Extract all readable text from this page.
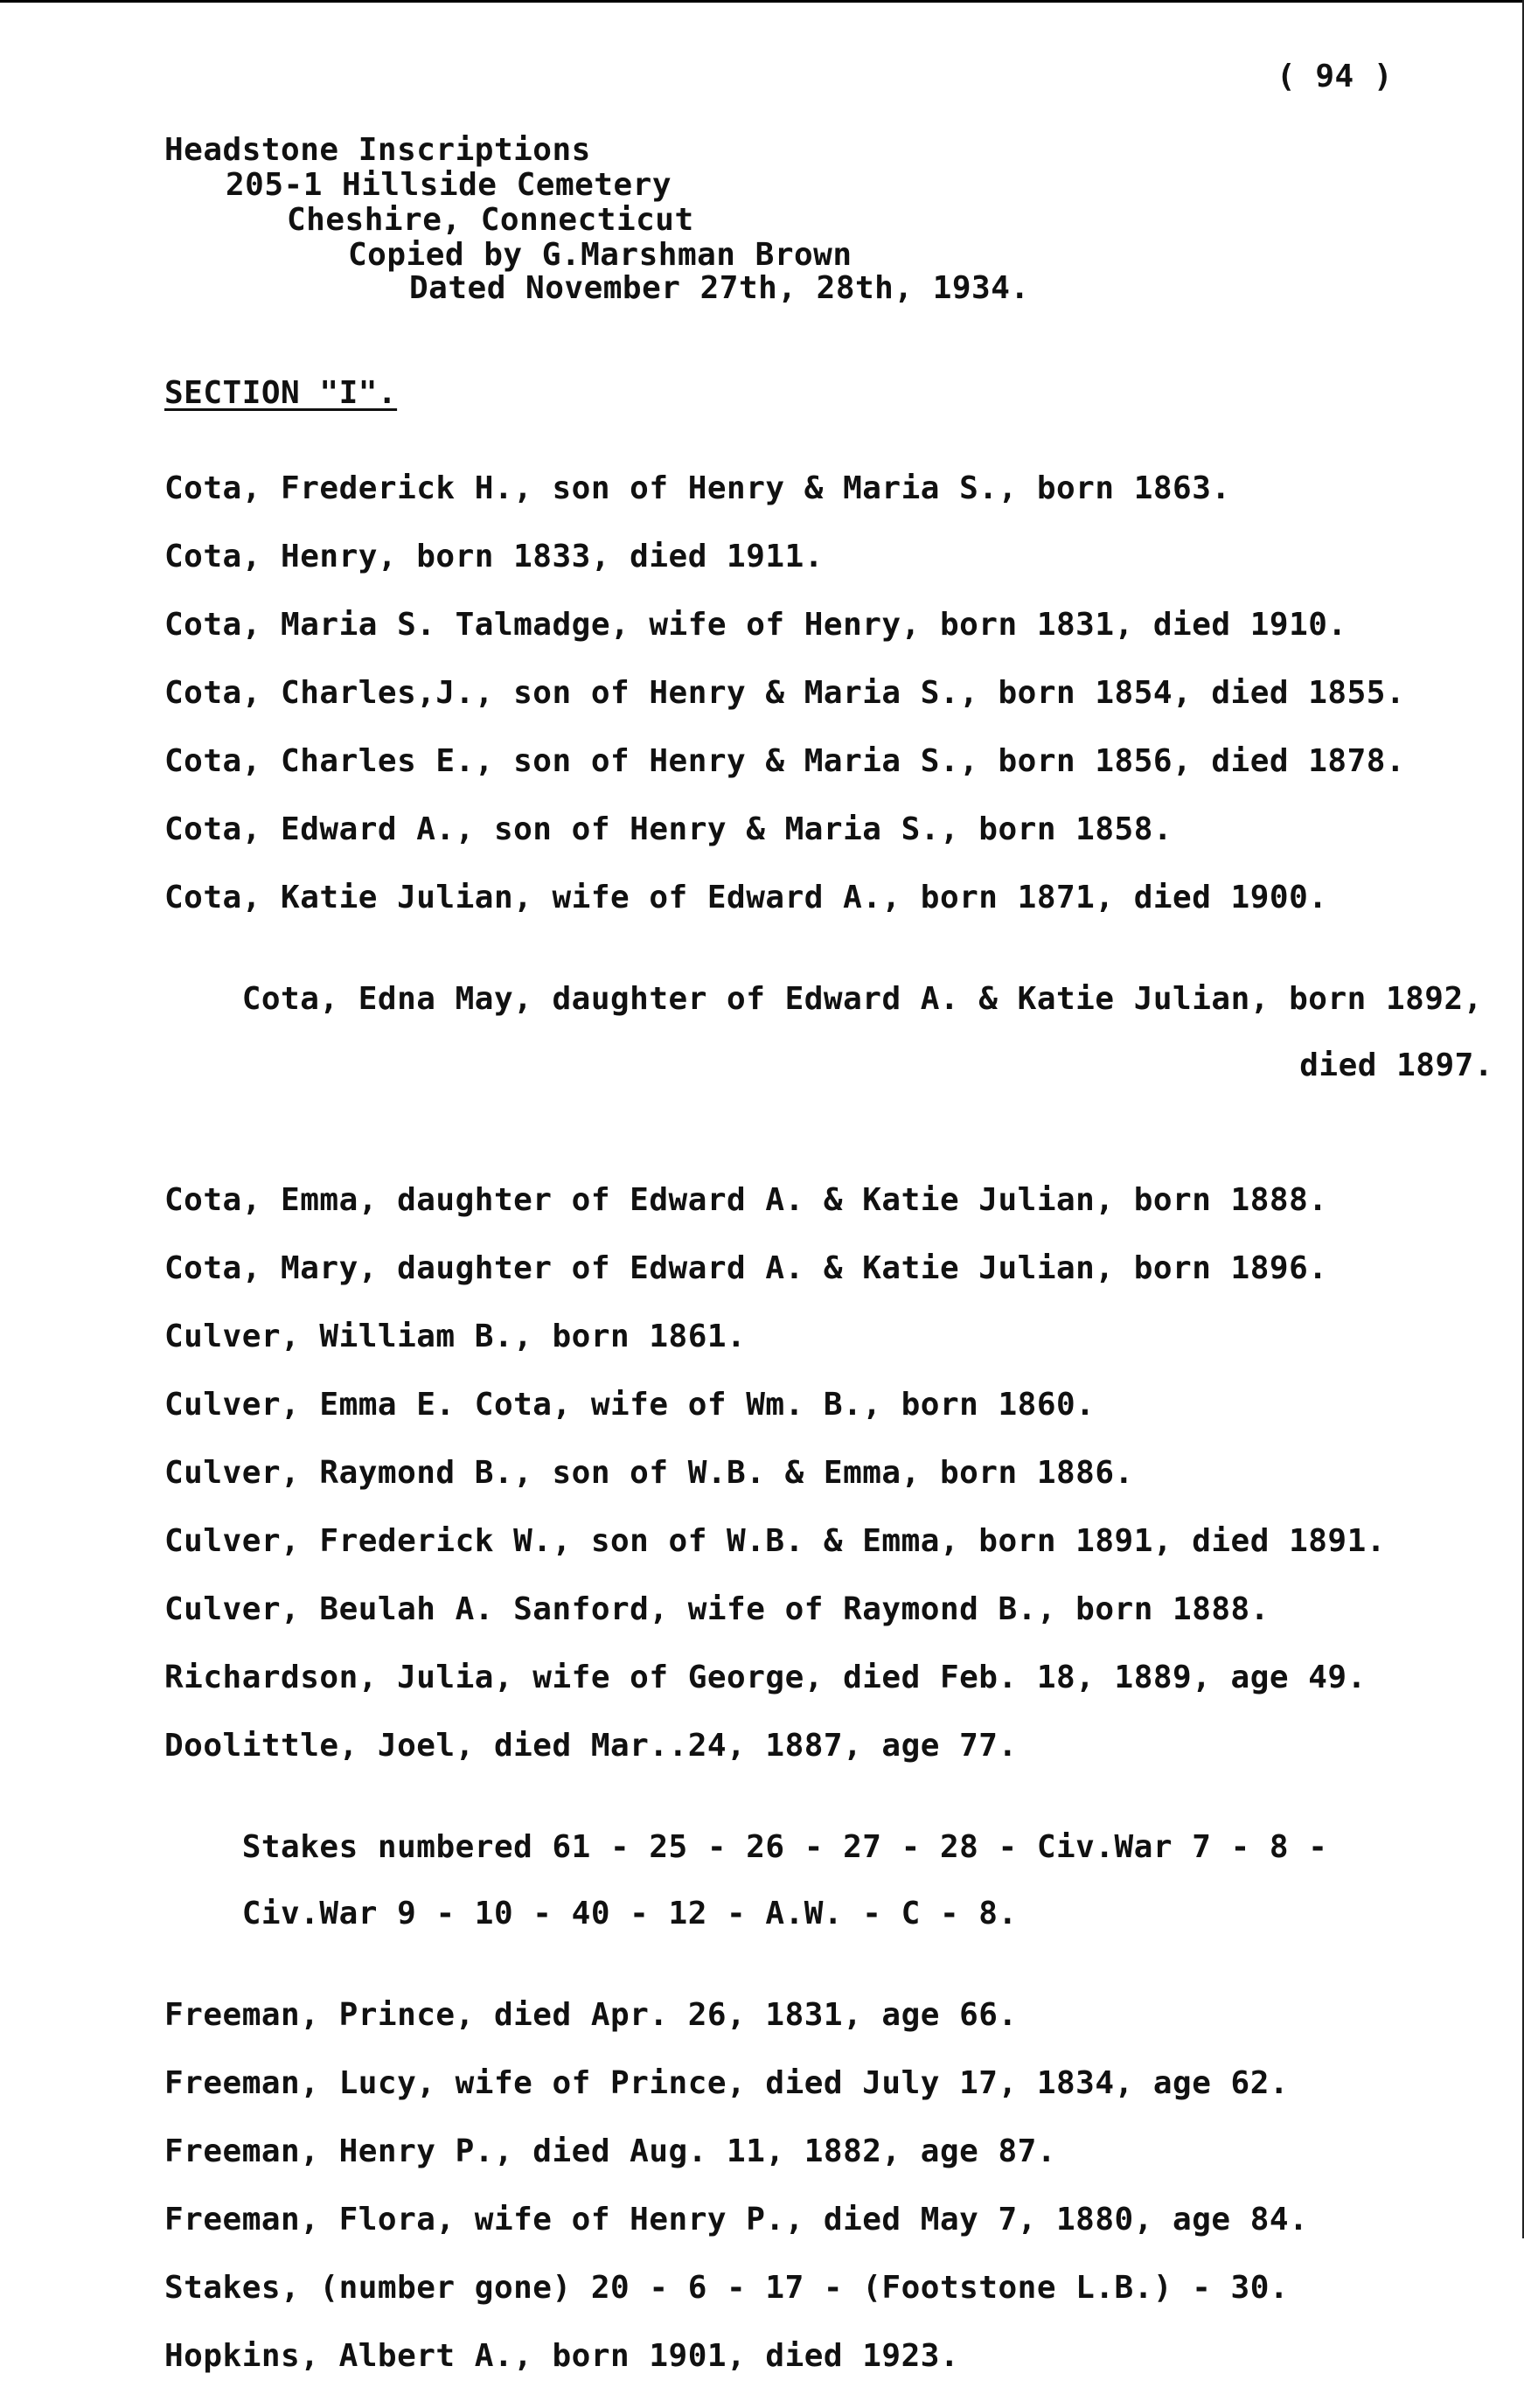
( 94 )
Headstone Inscriptions
205-1 Hillside Cemetery
Cheshire, Connecticut
Copied by G.Marshman Brown
Dated November 27th, 28th, 1934.
SECTION "I".
Cota, Frederick H., son of Henry & Maria S., born 1863.
Cota, Henry, born 1833, died 1911.
Cota, Maria S. Talmadge, wife of Henry, born 1831, died 1910.
Cota, Charles,J., son of Henry & Maria S., born 1854, died 1855.
Cota, Charles E., son of Henry & Maria S., born 1856, died 1878.
Cota, Edward A., son of Henry & Maria S., born 1858.
Cota, Katie Julian, wife of Edward A., born 1871, died 1900.

Cota, Edna May, daughter of Edward A. & Katie Julian, born 1892,

died 1897.

Cota, Emma, daughter of Edward A. & Katie Julian, born 1888.
Cota, Mary, daughter of Edward A. & Katie Julian, born 1896.
Culver, William B., born 1861.
Culver, Emma E. Cota, wife of Wm. B., born 1860.
Culver, Raymond B., son of W.B. & Emma, born 1886.
Culver, Frederick W., son of W.B. & Emma, born 1891, died 1891.
Culver, Beulah A. Sanford, wife of Raymond B., born 1888.
Richardson, Julia, wife of George, died Feb. 18, 1889, age 49.
Doolittle, Joel, died Mar..24, 1887, age 77.

Stakes numbered 61 - 25 - 26 - 27 - 28 - Civ.War 7 - 8 -

Civ.War 9 - 10 - 40 - 12 - A.W. - C - 8.

Freeman, Prince, died Apr. 26, 1831, age 66.
Freeman, Lucy, wife of Prince, died July 17, 1834, age 62.
Freeman, Henry P., died Aug. 11, 1882, age 87.
Freeman, Flora, wife of Henry P., died May 7, 1880, age 84.
Stakes, (number gone) 20 - 6 - 17 - (Footstone L.B.) - 30.
Hopkins, Albert A., born 1901, died 1923.
